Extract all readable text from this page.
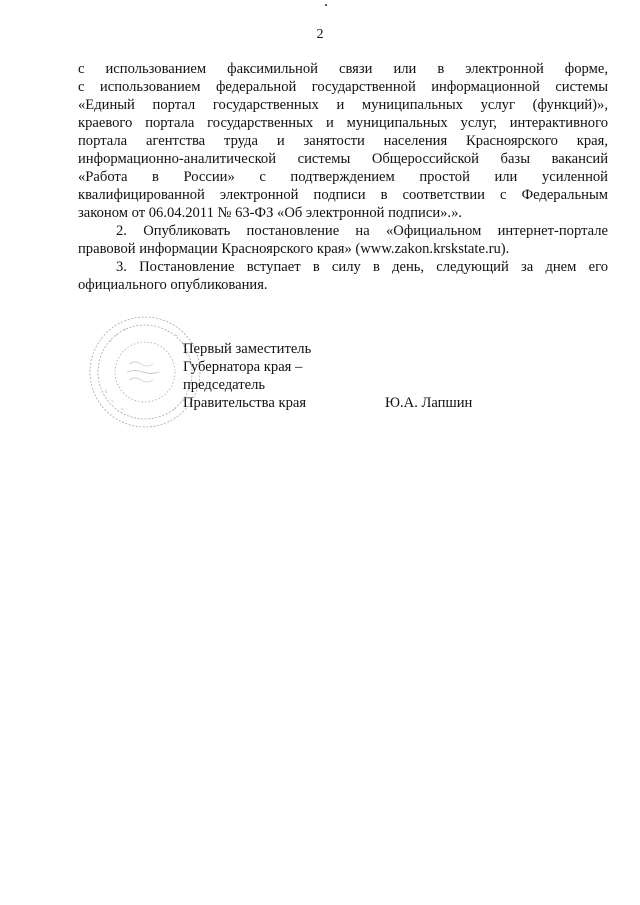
2
с использованием факсимильной связи или в электронной форме,
с использованием федеральной государственной информационной системы
«Единый портал государственных и муниципальных услуг (функций)»,
краевого портала государственных и муниципальных услуг, интерактивного
портала агентства труда и занятости населения Красноярского края,
информационно-аналитической системы Общероссийской базы вакансий
«Работа в России» с подтверждением простой или усиленной
квалифицированной электронной подписи в соответствии с Федеральным
законом от 06.04.2011 № 63-ФЗ «Об электронной подписи».».
2. Опубликовать постановление на «Официальном интернет-портале
правовой информации Красноярского края» (www.zakon.krskstate.ru).
3. Постановление вступает в силу в день, следующий за днем его
официального опубликования.
Первый заместитель
Губернатора края –
председатель
Правительства края	Ю.А. Лапшин
